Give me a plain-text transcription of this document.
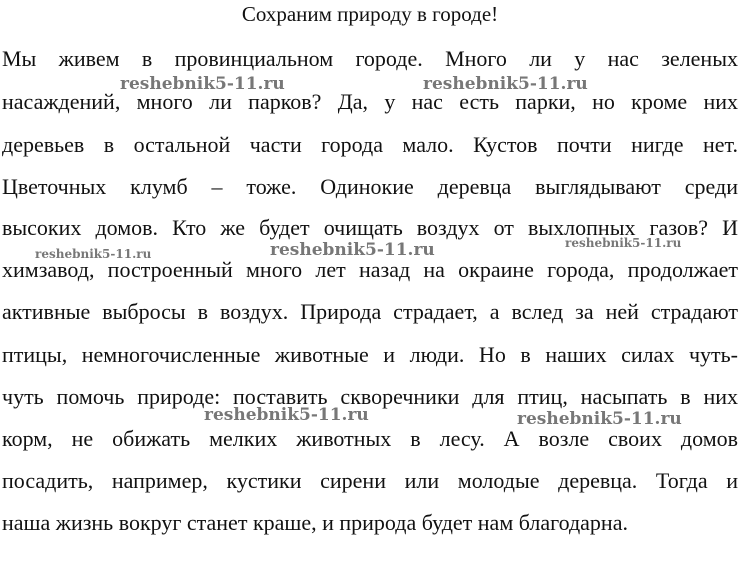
Сохраним природу в городе!
Мы живем в провинциальном городе. Много ли у нас зеленых
насаждений, много ли парков? Да, у нас есть парки, но кроме них
деревьев в остальной части города мало. Кустов почти нигде нет.
Цветочных клумб – тоже. Одинокие деревца выглядывают среди
высоких домов. Кто же будет очищать воздух от выхлопных газов? И
химзавод, построенный много лет назад на окраине города, продолжает
активные выбросы в воздух. Природа страдает, а вслед за ней страдают
птицы, немногочисленные животные и люди. Но в наших силах чуть-
чуть помочь природе: поставить скворечники для птиц, насыпать в них
корм, не обижать мелких животных в лесу. А возле своих домов
посадить, например, кустики сирени или молодые деревца. Тогда и
наша жизнь вокруг станет краше, и природа будет нам благодарна.
reshebnik5-11.ru	reshebnik5-11.ru
reshebnik5-11.ru	reshebnik5-11.ru	reshebnik5-11.ru
reshebnik5-11.ru	reshebnik5-11.ru
